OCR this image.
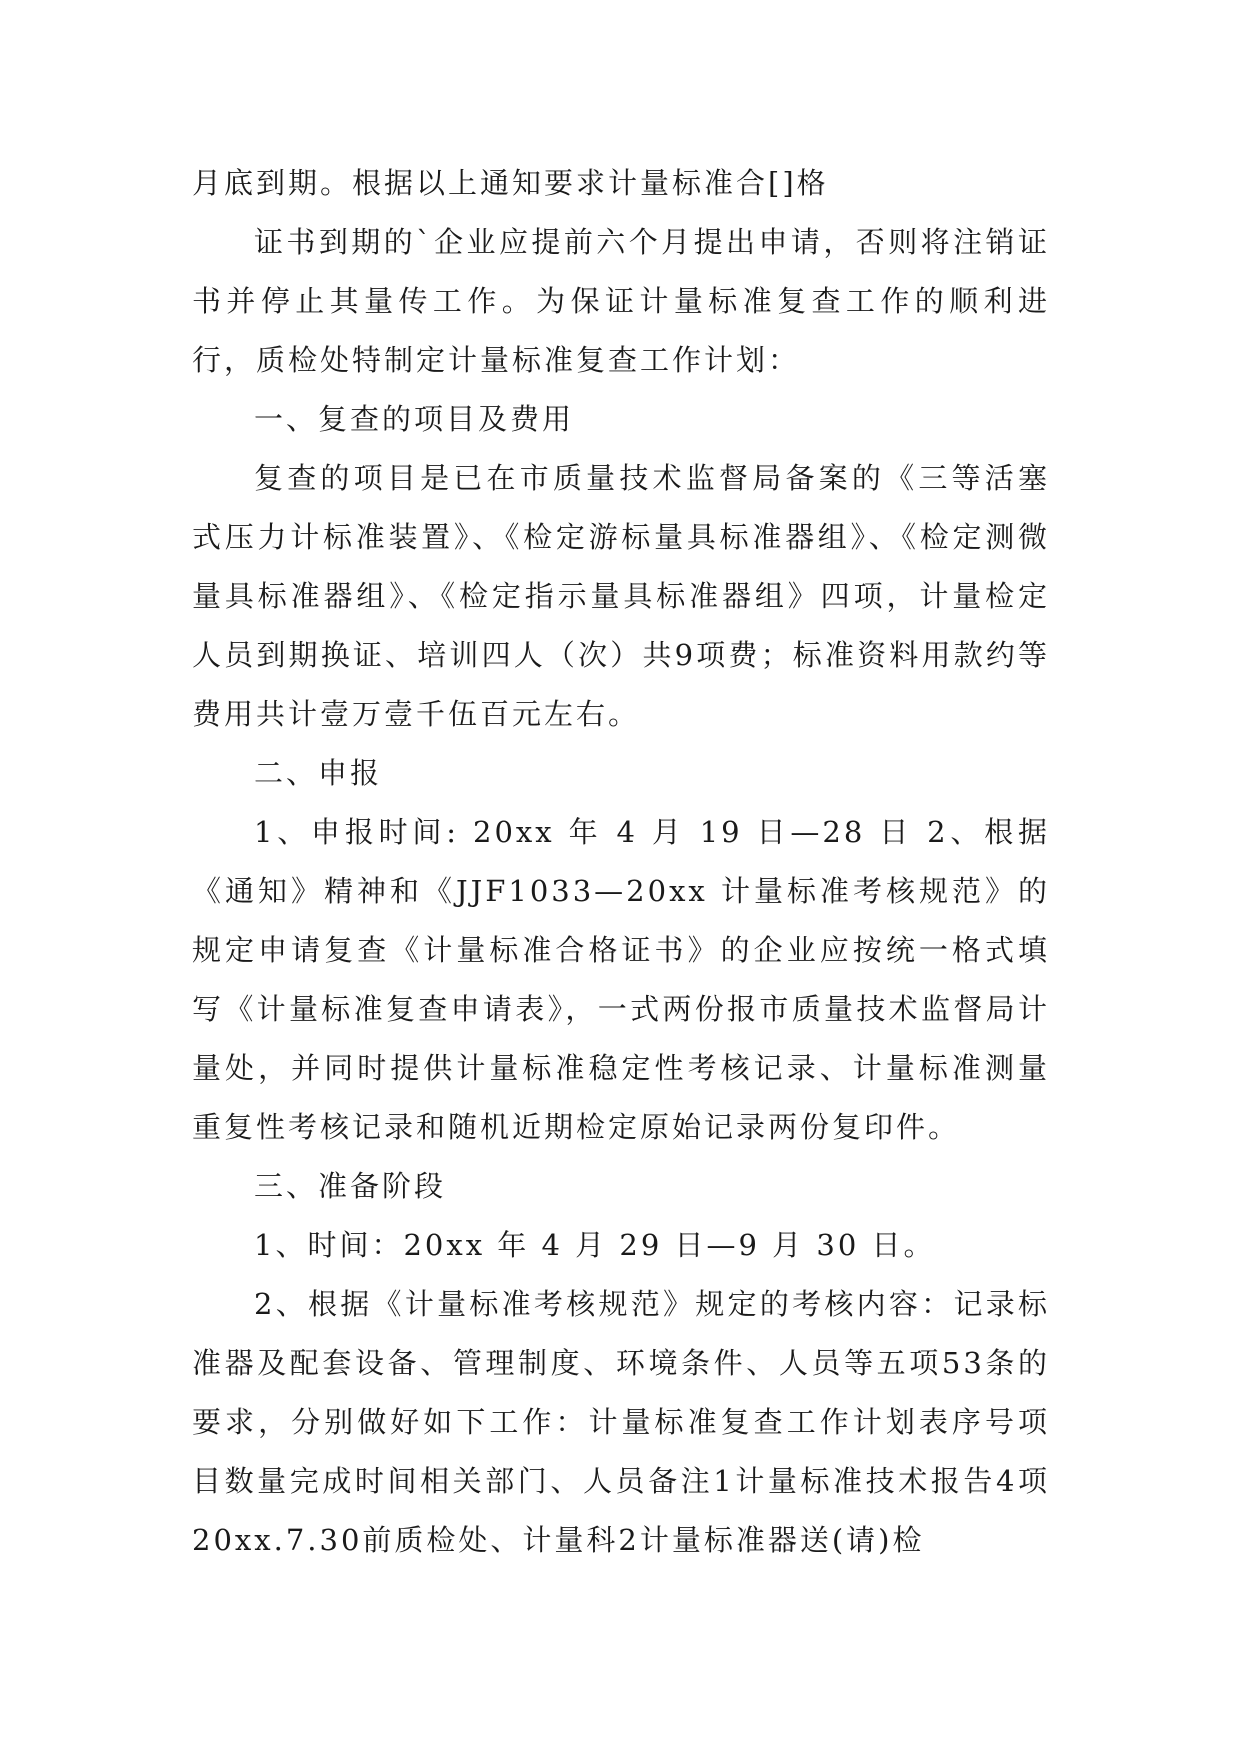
月底到期。根据以上通知要求计量标准合[]格

证书到期的`企业应提前六个月提出申请，否则将注销证书并停止其量传工作。为保证计量标准复查工作的顺利进行，质检处特制定计量标准复查工作计划：

一、复查的项目及费用

复查的项目是已在市质量技术监督局备案的《三等活塞式压力计标准装置》、《检定游标量具标准器组》、《检定测微量具标准器组》、《检定指示量具标准器组》四项，计量检定人员到期换证、培训四人（次）共9项费；标准资料用款约等费用共计壹万壹千伍百元左右。

二、申报

1、申报时间: 20xx 年 4 月 19 日—28 日 2、根据《通知》精神和《JJF1033—20xx 计量标准考核规范》的规定申请复查《计量标准合格证书》的企业应按统一格式填写《计量标准复查申请表》，一式两份报市质量技术监督局计量处，并同时提供计量标准稳定性考核记录、计量标准测量重复性考核记录和随机近期检定原始记录两份复印件。

三、准备阶段

1、时间：20xx 年 4 月 29 日—9 月 30 日。

2、根据《计量标准考核规范》规定的考核内容：记录标准器及配套设备、管理制度、环境条件、人员等五项53条的要求，分别做好如下工作：计量标准复查工作计划表序号项目数量完成时间相关部门、人员备注1计量标准技术报告4项20xx.7.30前质检处、计量科2计量标准器送(请)检
